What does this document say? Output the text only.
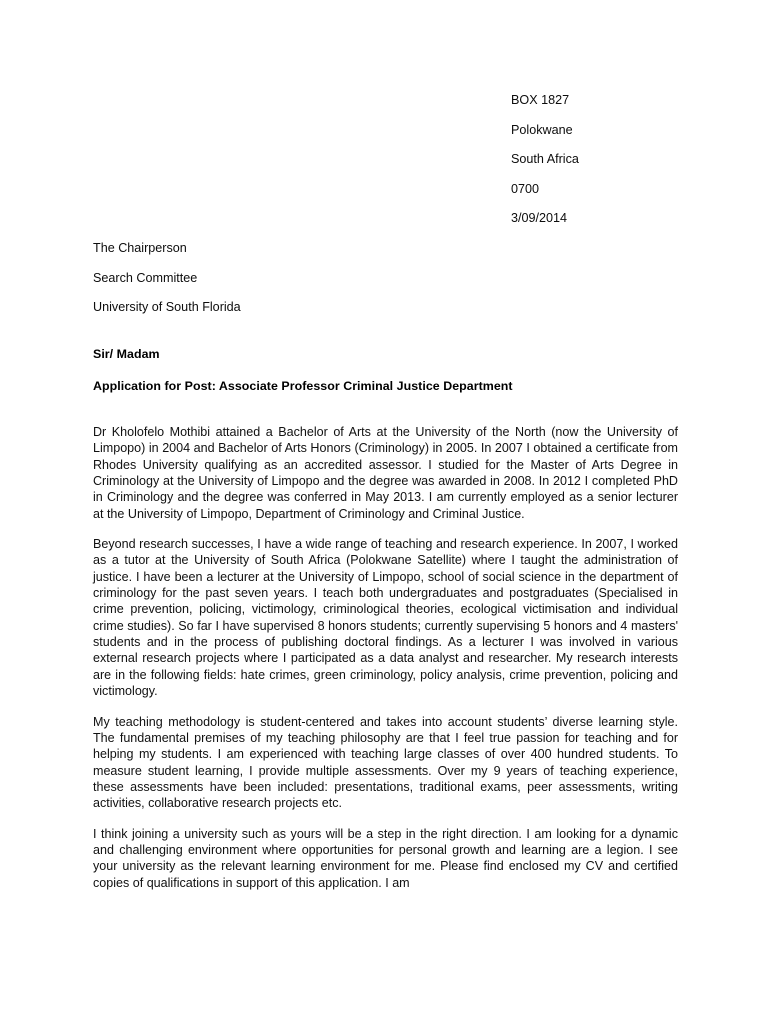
BOX 1827
Polokwane
South Africa
0700
3/09/2014
The Chairperson
Search Committee
University of South Florida
Sir/ Madam
Application for Post: Associate Professor Criminal Justice Department

Dr Kholofelo Mothibi attained a Bachelor of Arts at the University of the North (now the University of Limpopo) in 2004 and Bachelor of Arts Honors (Criminology) in 2005. In 2007 I obtained a certificate from Rhodes University qualifying as an accredited assessor. I studied for the Master of Arts Degree in Criminology at the University of Limpopo and the degree was awarded in 2008. In 2012 I completed PhD in Criminology and the degree was conferred in May 2013. I am currently employed as a senior lecturer at the University of Limpopo, Department of Criminology and Criminal Justice.

Beyond research successes, I have a wide range of teaching and research experience. In 2007, I worked as a tutor at the University of South Africa (Polokwane Satellite) where I taught the administration of justice. I have been a lecturer at the University of Limpopo, school of social science in the department of criminology for the past seven years. I teach both undergraduates and postgraduates (Specialised in crime prevention, policing, victimology, criminological theories, ecological victimisation and individual crime studies). So far I have supervised 8 honors students; currently supervising 5 honors and 4 masters' students and in the process of publishing doctoral findings. As a lecturer I was involved in various external research projects where I participated as a data analyst and researcher. My research interests are in the following fields: hate crimes, green criminology, policy analysis, crime prevention, policing and victimology.

My teaching methodology is student-centered and takes into account students’ diverse learning style. The fundamental premises of my teaching philosophy are that I feel true passion for teaching and for helping my students. I am experienced with teaching large classes of over 400 hundred students. To measure student learning, I provide multiple assessments. Over my 9 years of teaching experience, these assessments have been included: presentations, traditional exams, peer assessments, writing activities, collaborative research projects etc.

I think joining a university such as yours will be a step in the right direction. I am looking for a dynamic and challenging environment where opportunities for personal growth and learning are a legion. I see your university as the relevant learning environment for me. Please find enclosed my CV and certified copies of qualifications in support of this application. I am
